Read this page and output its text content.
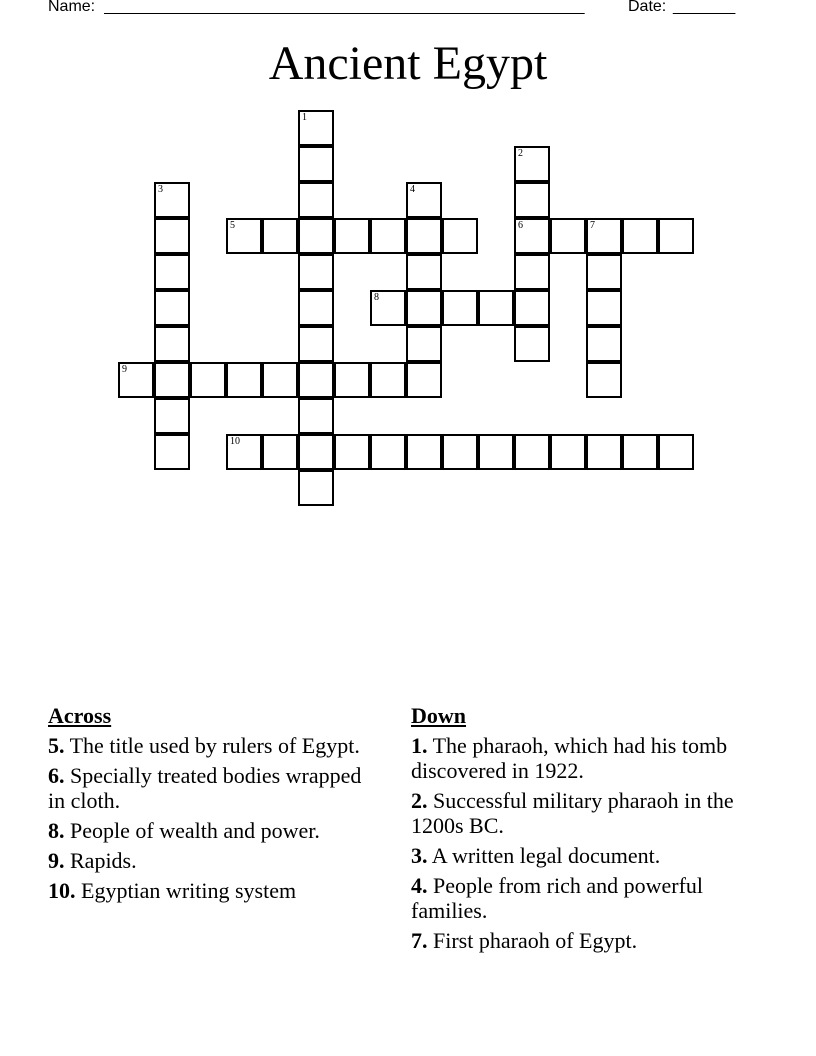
Name: ______________________________________________________	Date: _______
Ancient Egypt
1
2
6
3	4
7
5
8
9
10
Across
5. The title used by rulers of Egypt.
6. Specially treated bodies wrapped in cloth.
8. People of wealth and power.
9. Rapids.
10. Egyptian writing system
Down
1. The pharaoh, which had his tomb discovered in 1922.
2. Successful military pharaoh in the 1200s BC.
3. A written legal document.
4. People from rich and powerful families.
7. First pharaoh of Egypt.
